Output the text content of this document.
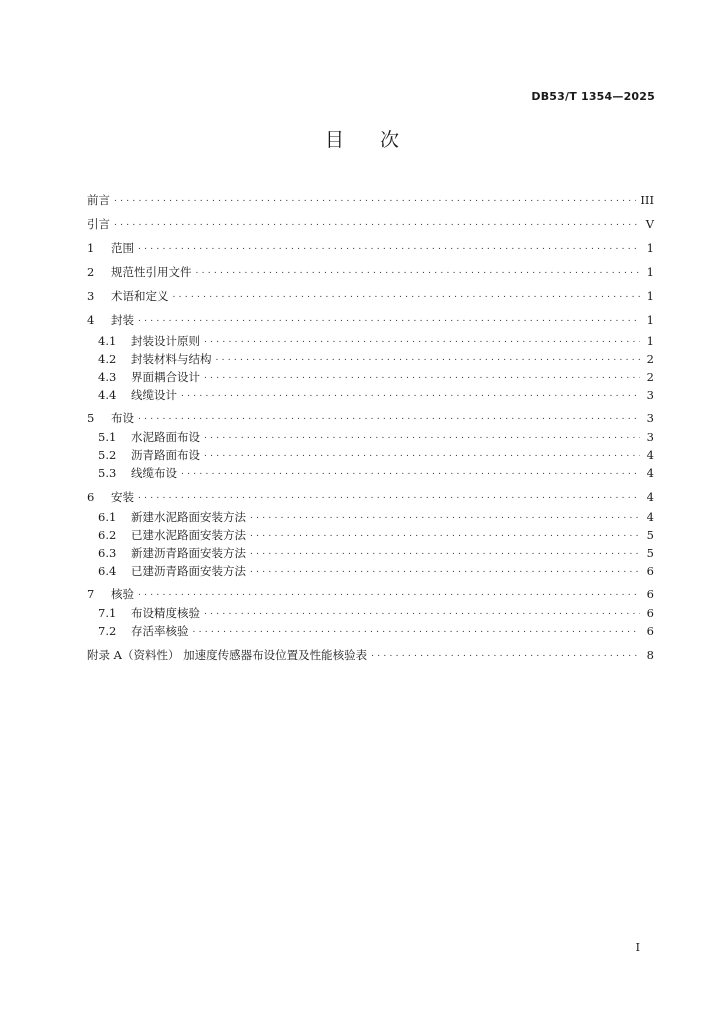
DB53/T 1354—2025
目 次
前言 . . .	III
引言 . . .	V
1	范围 . . .	1
2	规范性引用文件 . . .	1
3	术语和定义 . . .	1
4	封装 . . .	1
4.1	封装设计原则 . . .	1
4.2	封装材料与结构 . . .	2
4.3	界面耦合设计 . . .	2
4.4	线缆设计 . . .	3
5	布设 . . .	3
5.1	水泥路面布设 . . .	3
5.2	沥青路面布设 . . .	4
5.3	线缆布设 . . .	4
6	安装 . . .	4
6.1	新建水泥路面安装方法 . . .	4
6.2	已建水泥路面安装方法 . . .	5
6.3	新建沥青路面安装方法 . . .	5
6.4	已建沥青路面安装方法 . . .	6
7	核验 . . .	6
7.1	布设精度核验 . . .	6
7.2	存活率核验 . . .	6
附录 A（资料性） 加速度传感器布设位置及性能核验表 . . .	8
I
